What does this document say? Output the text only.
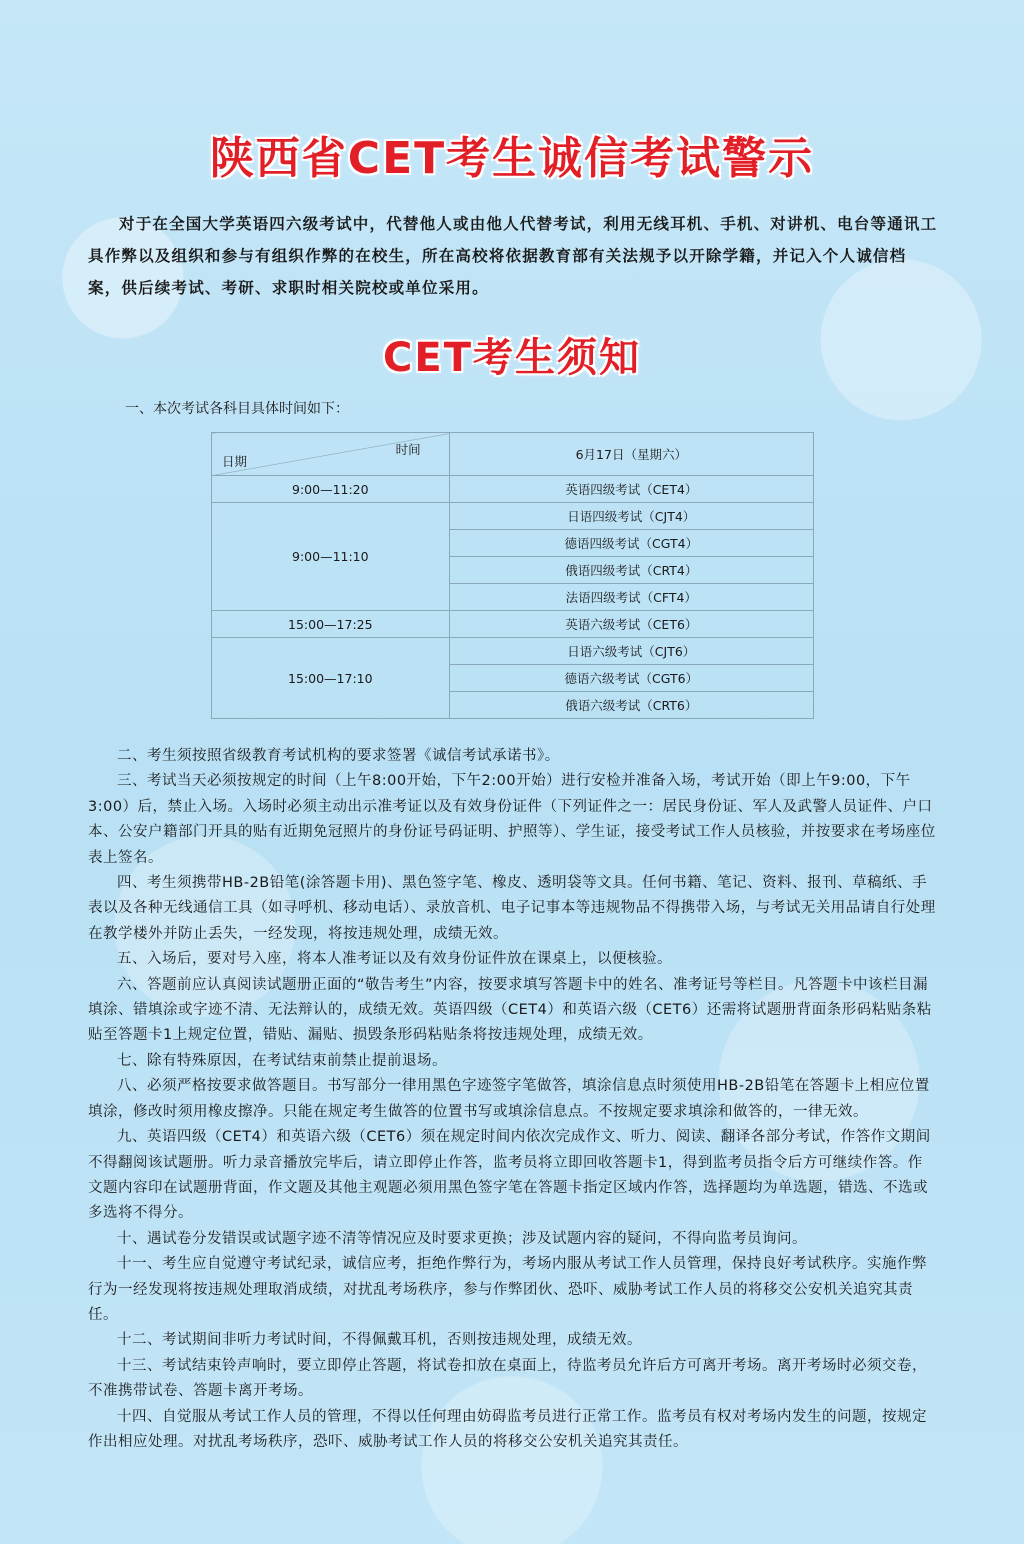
陕西省CET考生诚信考试警示

对于在全国大学英语四六级考试中，代替他人或由他人代替考试，利用无线耳机、手机、对讲机、电台等通讯工具作弊以及组织和参与有组织作弊的在校生，所在高校将依据教育部有关法规予以开除学籍，并记入个人诚信档案，供后续考试、考研、求职时相关院校或单位采用。

CET考生须知
一、本次考试各科目具体时间如下：
时间
日期	6月17日（星期六）
9:00—11:20	英语四级考试（CET4）
9:00—11:10	日语四级考试（CJT4）
	德语四级考试（CGT4）
	俄语四级考试（CRT4）
	法语四级考试（CFT4）
15:00—17:25	英语六级考试（CET6）
15:00—17:10	日语六级考试（CJT6）
	德语六级考试（CGT6）
	俄语六级考试（CRT6）

二、考生须按照省级教育考试机构的要求签署《诚信考试承诺书》。

三、考试当天必须按规定的时间（上午8:00开始，下午2:00开始）进行安检并准备入场，考试开始（即上午9:00，下午3:00）后，禁止入场。入场时必须主动出示准考证以及有效身份证件（下列证件之一：居民身份证、军人及武警人员证件、户口本、公安户籍部门开具的贴有近期免冠照片的身份证号码证明、护照等）、学生证，接受考试工作人员核验，并按要求在考场座位表上签名。

四、考生须携带HB-2B铅笔(涂答题卡用)、黑色签字笔、橡皮、透明袋等文具。任何书籍、笔记、资料、报刊、草稿纸、手表以及各种无线通信工具（如寻呼机、移动电话）、录放音机、电子记事本等违规物品不得携带入场，与考试无关用品请自行处理在教学楼外并防止丢失，一经发现，将按违规处理，成绩无效。

五、入场后，要对号入座，将本人准考证以及有效身份证件放在课桌上，以便核验。

六、答题前应认真阅读试题册正面的“敬告考生”内容，按要求填写答题卡中的姓名、准考证号等栏目。凡答题卡中该栏目漏填涂、错填涂或字迹不清、无法辩认的，成绩无效。英语四级（CET4）和英语六级（CET6）还需将试题册背面条形码粘贴条粘贴至答题卡1上规定位置，错贴、漏贴、损毁条形码粘贴条将按违规处理，成绩无效。

七、除有特殊原因，在考试结束前禁止提前退场。

八、必须严格按要求做答题目。书写部分一律用黑色字迹签字笔做答，填涂信息点时须使用HB-2B铅笔在答题卡上相应位置填涂，修改时须用橡皮擦净。只能在规定考生做答的位置书写或填涂信息点。不按规定要求填涂和做答的，一律无效。

九、英语四级（CET4）和英语六级（CET6）须在规定时间内依次完成作文、听力、阅读、翻译各部分考试，作答作文期间不得翻阅该试题册。听力录音播放完毕后，请立即停止作答，监考员将立即回收答题卡1，得到监考员指令后方可继续作答。作文题内容印在试题册背面，作文题及其他主观题必须用黑色签字笔在答题卡指定区域内作答，选择题均为单选题，错选、不选或多选将不得分。

十、遇试卷分发错误或试题字迹不清等情况应及时要求更换；涉及试题内容的疑问，不得向监考员询问。

十一、考生应自觉遵守考试纪录，诚信应考，拒绝作弊行为，考场内服从考试工作人员管理，保持良好考试秩序。实施作弊行为一经发现将按违规处理取消成绩，对扰乱考场秩序，参与作弊团伙、恐吓、威胁考试工作人员的将移交公安机关追究其责任。

十二、考试期间非听力考试时间，不得佩戴耳机，否则按违规处理，成绩无效。

十三、考试结束铃声响时，要立即停止答题，将试卷扣放在桌面上，待监考员允许后方可离开考场。离开考场时必须交卷，不准携带试卷、答题卡离开考场。

十四、自觉服从考试工作人员的管理，不得以任何理由妨碍监考员进行正常工作。监考员有权对考场内发生的问题，按规定作出相应处理。对扰乱考场秩序，恐吓、威胁考试工作人员的将移交公安机关追究其责任。
